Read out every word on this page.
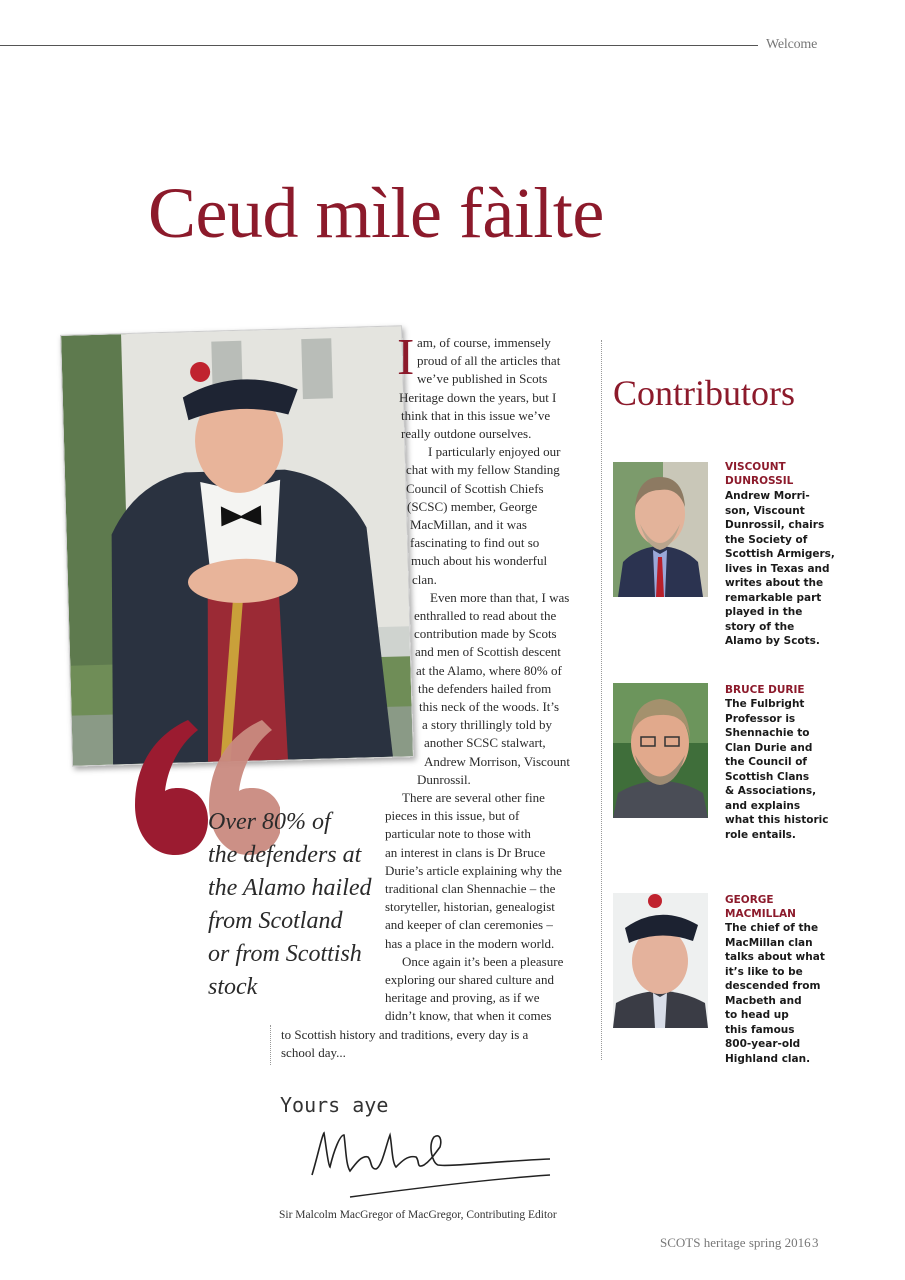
Welcome
Ceud mìle fàilte
Over 80% of
the defenders at
the Alamo hailed
from Scotland
or from Scottish
stock
I am, of course, immensely
proud of all the articles that
we’ve published in Scots
Heritage down the years, but I
think that in this issue we’ve
really outdone ourselves.
I particularly enjoyed our
chat with my fellow Standing
Council of Scottish Chiefs
(SCSC) member, George
MacMillan, and it was
fascinating to find out so
much about his wonderful
clan.
Even more than that, I was
enthralled to read about the
contribution made by Scots
and men of Scottish descent
at the Alamo, where 80% of
the defenders hailed from
this neck of the woods. It’s
a story thrillingly told by
another SCSC stalwart,
Andrew Morrison, Viscount
Dunrossil.
There are several other fine
pieces in this issue, but of
particular note to those with
an interest in clans is Dr Bruce
Durie’s article explaining why the
traditional clan Shennachie – the
storyteller, historian, genealogist
and keeper of clan ceremonies –
has a place in the modern world.
Once again it’s been a pleasure
exploring our shared culture and
heritage and proving, as if we
didn’t know, that when it comes
to Scottish history and traditions, every day is a
school day...
Contributors
VISCOUNT
DUNROSSIL
Andrew Morri-
son, Viscount
Dunrossil, chairs
the Society of
Scottish Armigers,
lives in Texas and
writes about the
remarkable part
played in the
story of the
Alamo by Scots.
BRUCE DURIE
The Fulbright
Professor is
Shennachie to
Clan Durie and
the Council of
Scottish Clans
& Associations,
and explains
what this historic
role entails.
GEORGE
MACMILLAN
The chief of the
MacMillan clan
talks about what
it’s like to be
descended from
Macbeth and
to head up
this famous
800-year-old
Highland clan.
Yours aye
Sir Malcolm MacGregor of MacGregor, Contributing Editor
SCOTS heritage spring 2016 3
